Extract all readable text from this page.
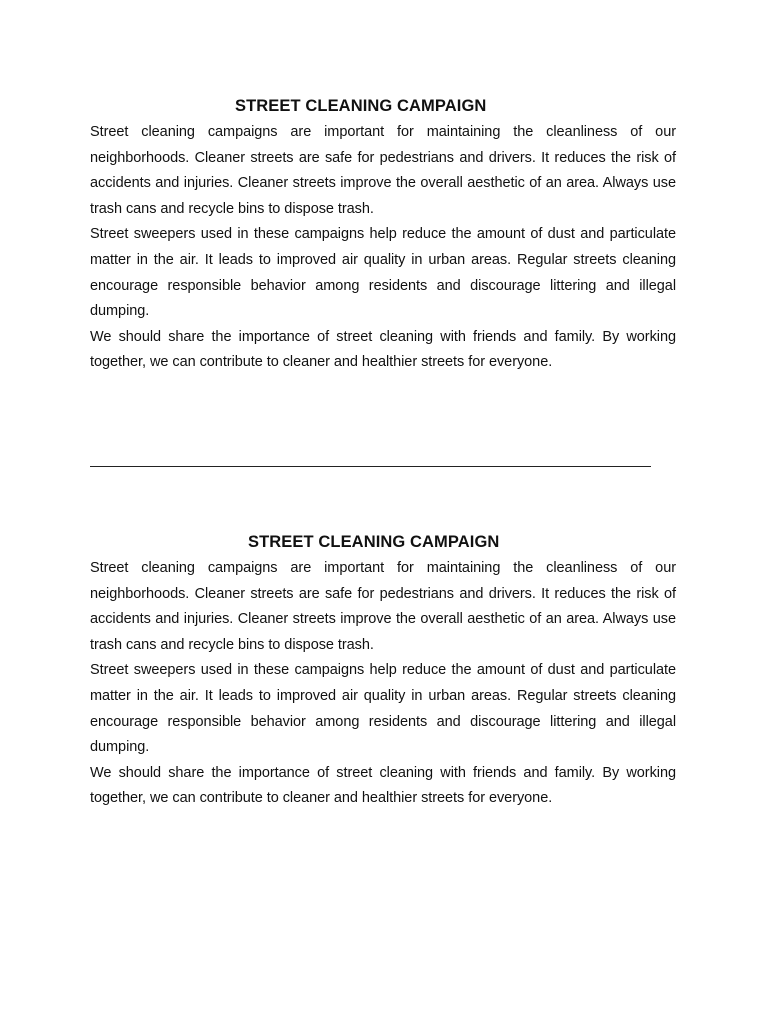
STREET CLEANING CAMPAIGN

Street cleaning campaigns are important for maintaining the cleanliness of our neighborhoods. Cleaner streets are safe for pedestrians and drivers. It reduces the risk of accidents and injuries. Cleaner streets improve the overall aesthetic of an area. Always use trash cans and recycle bins to dispose trash.

Street sweepers used in these campaigns help reduce the amount of dust and particulate matter in the air. It leads to improved air quality in urban areas. Regular streets cleaning encourage responsible behavior among residents and discourage littering and illegal dumping.

We should share the importance of street cleaning with friends and family. By working together, we can contribute to cleaner and healthier streets for everyone.

STREET CLEANING CAMPAIGN

Street cleaning campaigns are important for maintaining the cleanliness of our neighborhoods. Cleaner streets are safe for pedestrians and drivers. It reduces the risk of accidents and injuries. Cleaner streets improve the overall aesthetic of an area. Always use trash cans and recycle bins to dispose trash.

Street sweepers used in these campaigns help reduce the amount of dust and particulate matter in the air. It leads to improved air quality in urban areas. Regular streets cleaning encourage responsible behavior among residents and discourage littering and illegal dumping.

We should share the importance of street cleaning with friends and family. By working together, we can contribute to cleaner and healthier streets for everyone.
